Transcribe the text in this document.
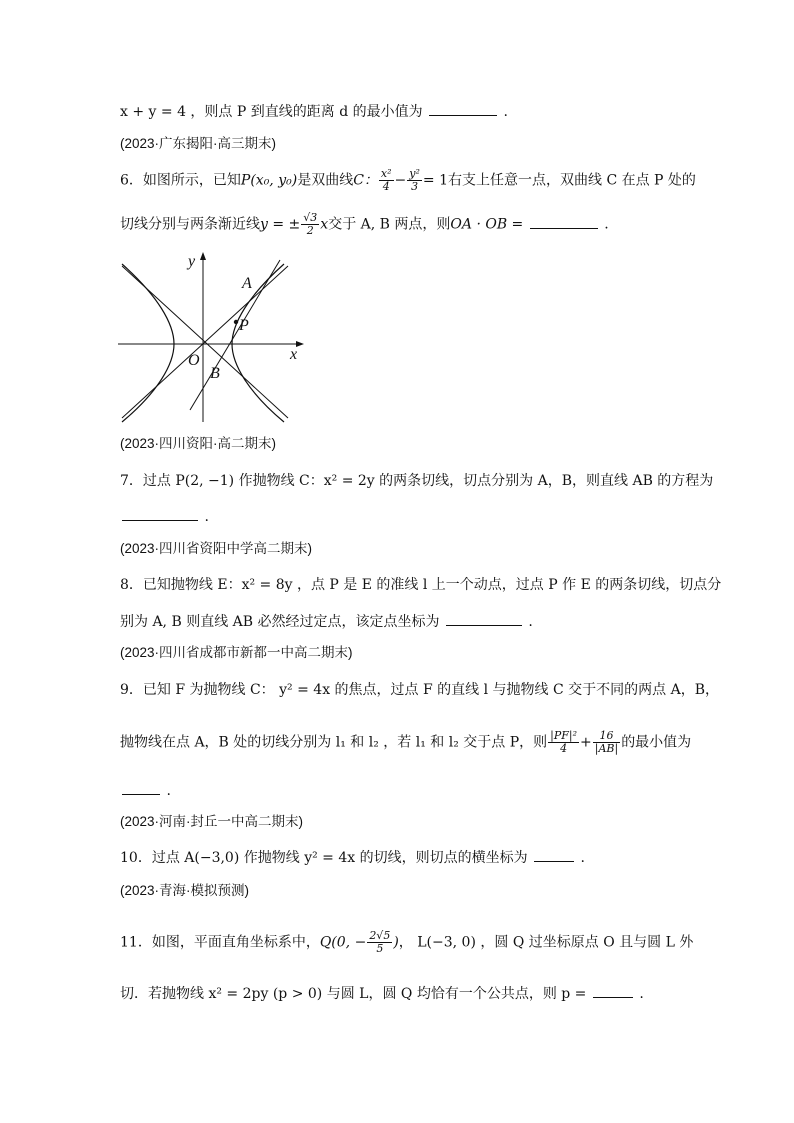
x + y = 4 ，则点 P 到直线的距离 d 的最小值为	.
(2023·广东揭阳·高三期末)
6．如图所示，已知P(x₀, y₀)是双曲线C： $\frac{\text{x²}}{4} - \frac{\text{y²}}{3} = 1$右支上任意一点，双曲线 C 在点 P 处的
切线分别与两条渐近线y = ± $\frac{√3}{2}$ x交于 A, B 两点，则OA · OB =	.
y
x
O
A
B
P
(2023·四川资阳·高二期末)
7．过点 P(2, −1) 作抛物线 C：x² = 2y 的两条切线，切点分别为 A，B，则直线 AB 的方程为
.
(2023·四川省资阳中学高二期末)
8．已知抛物线 E：x² = 8y ，点 P 是 E 的准线 l 上一个动点，过点 P 作 E 的两条切线，切点分
别为 A, B 则直线 AB 必然经过定点，该定点坐标为	.
(2023·四川省成都市新都一中高二期末)
9．已知 F 为抛物线 C： y² = 4x 的焦点，过点 F 的直线 l 与抛物线 C 交于不同的两点 A，B，
抛物线在点 A，B 处的切线分别为 l₁ 和 l₂ ，若 l₁ 和 l₂ 交于点 P，则 $\frac{\text{|PF|²}}{4} + \frac{16}{|AB|}$ 的最小值为
.
(2023·河南·封丘一中高二期末)
10．过点 A(−3,0) 作抛物线 y² = 4x 的切线，则切点的横坐标为	.
(2023·青海·模拟预测)
11．如图，平面直角坐标系中，Q(0, − $\frac{2√5}{5}$ )， L(−3, 0) ，圆 Q 过坐标原点 O 且与圆 L 外
切．若抛物线 x² = 2py (p > 0) 与圆 L，圆 Q 均恰有一个公共点，则 p =	.
